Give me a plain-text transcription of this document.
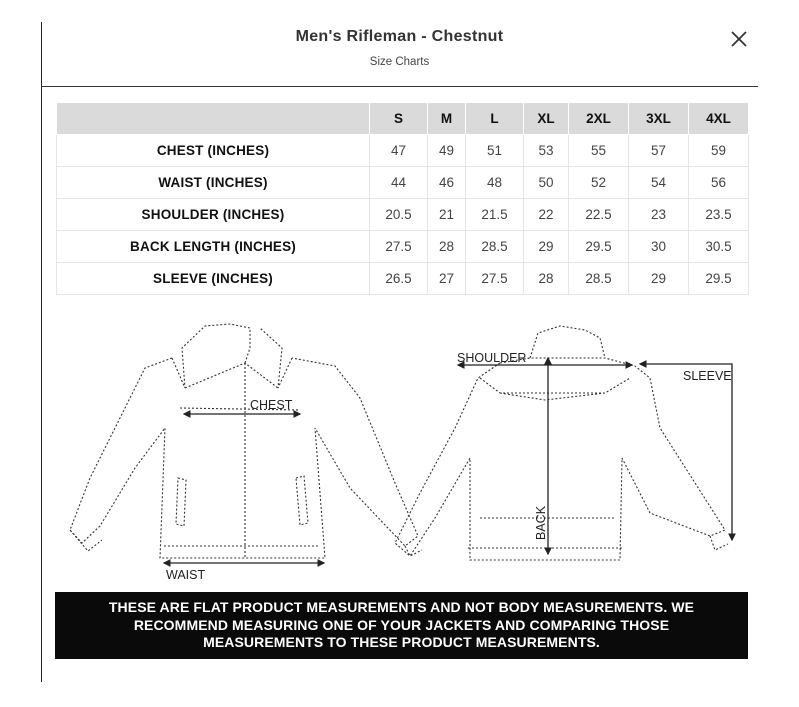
Men's Rifleman - Chestnut
Size Charts
	S	M	L	XL	2XL	3XL	4XL
CHEST (INCHES)	47	49	51	53	55	57	59
WAIST (INCHES)	44	46	48	50	52	54	56
SHOULDER (INCHES)	20.5	21	21.5	22	22.5	23	23.5
BACK LENGTH (INCHES)	27.5	28	28.5	29	29.5	30	30.5
SLEEVE (INCHES)	26.5	27	27.5	28	28.5	29	29.5
CHEST
WAIST
SHOULDER
BACK
SLEEVE
THESE ARE FLAT PRODUCT MEASUREMENTS AND NOT BODY MEASUREMENTS. WE RECOMMEND MEASURING ONE OF YOUR JACKETS AND COMPARING THOSE MEASUREMENTS TO THESE PRODUCT MEASUREMENTS.
